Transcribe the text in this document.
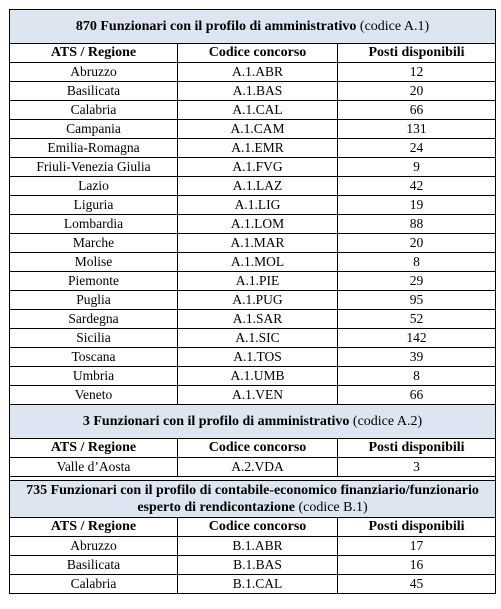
870 Funzionari con il profilo di amministrativo (codice A.1)		
ATS / Regione	Codice concorso	Posti disponibili
Abruzzo	A.1.ABR	12
Basilicata	A.1.BAS	20
Calabria	A.1.CAL	66
Campania	A.1.CAM	131
Emilia-Romagna	A.1.EMR	24
Friuli-Venezia Giulia	A.1.FVG	9
Lazio	A.1.LAZ	42
Liguria	A.1.LIG	19
Lombardia	A.1.LOM	88
Marche	A.1.MAR	20
Molise	A.1.MOL	8
Piemonte	A.1.PIE	29
Puglia	A.1.PUG	95
Sardegna	A.1.SAR	52
Sicilia	A.1.SIC	142
Toscana	A.1.TOS	39
Umbria	A.1.UMB	8
Veneto	A.1.VEN	66
3 Funzionari con il profilo di amministrativo (codice A.2)		
ATS / Regione	Codice concorso	Posti disponibili
Valle d’Aosta	A.2.VDA	3

735 Funzionari con il profilo di contabile-economico finanziario/funzionario esperto di rendicontazione (codice B.1)		
ATS / Regione	Codice concorso	Posti disponibili
Abruzzo	B.1.ABR	17
Basilicata	B.1.BAS	16
Calabria	B.1.CAL	45
